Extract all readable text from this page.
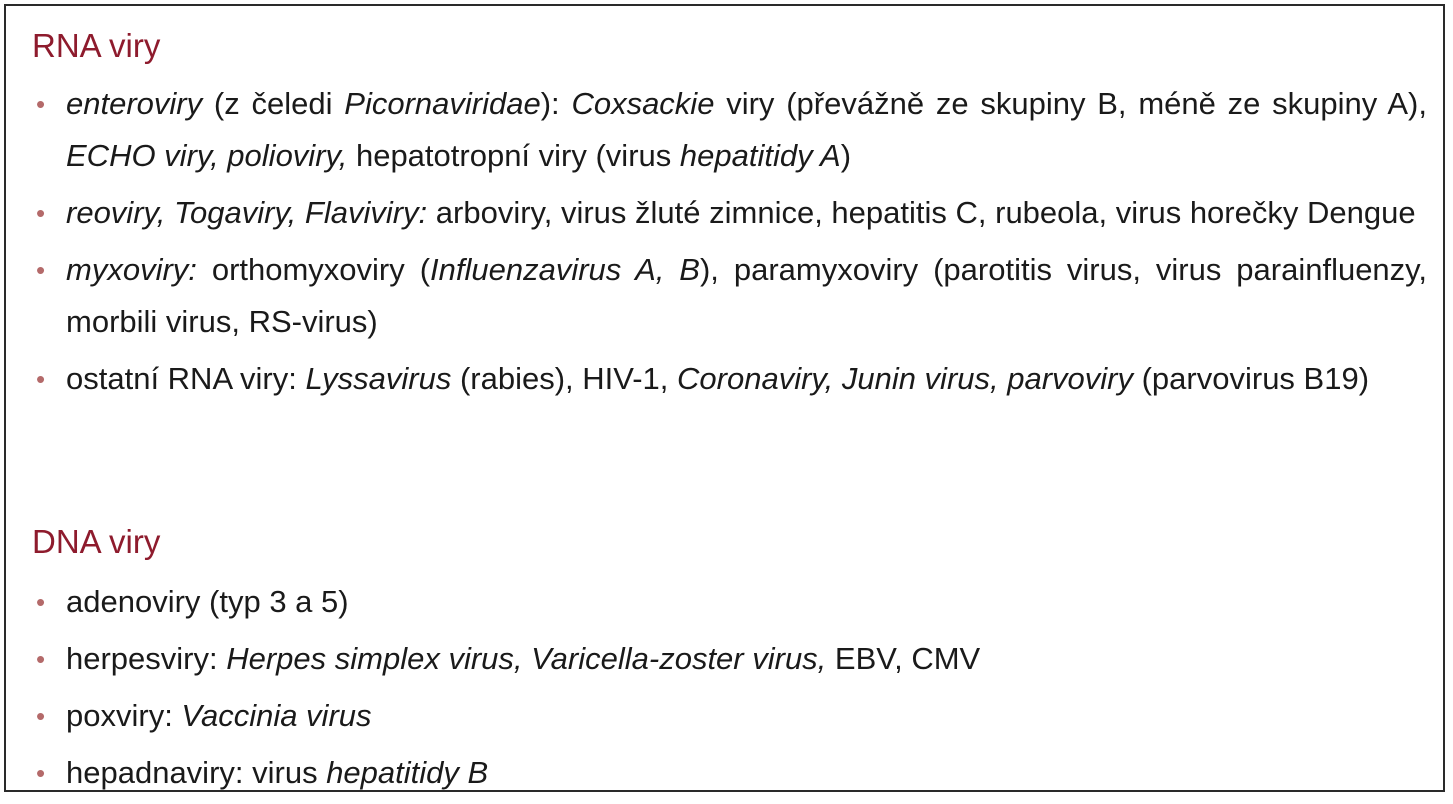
RNA viry
• enteroviry (z čeledi Picornaviridae): Coxsackie viry (převážně ze skupiny B, méně ze skupiny A), ECHO viry, polioviry, hepatotropní viry (virus hepatitidy A)
• reoviry, Togaviry, Flaviviry: arboviry, virus žluté zimnice, hepatitis C, rubeola, virus horečky Dengue
• myxoviry: orthomyxoviry (Influenzavirus A, B), paramyxoviry (parotitis virus, virus parainfluenzy, morbili virus, RS-virus)
• ostatní RNA viry: Lyssavirus (rabies), HIV-1, Coronaviry, Junin virus, parvoviry (parvovirus B19)
DNA viry
• adenoviry (typ 3 a 5)
• herpesviry: Herpes simplex virus, Varicella-zoster virus, EBV, CMV
• poxviry: Vaccinia virus
• hepadnaviry: virus hepatitidy B
